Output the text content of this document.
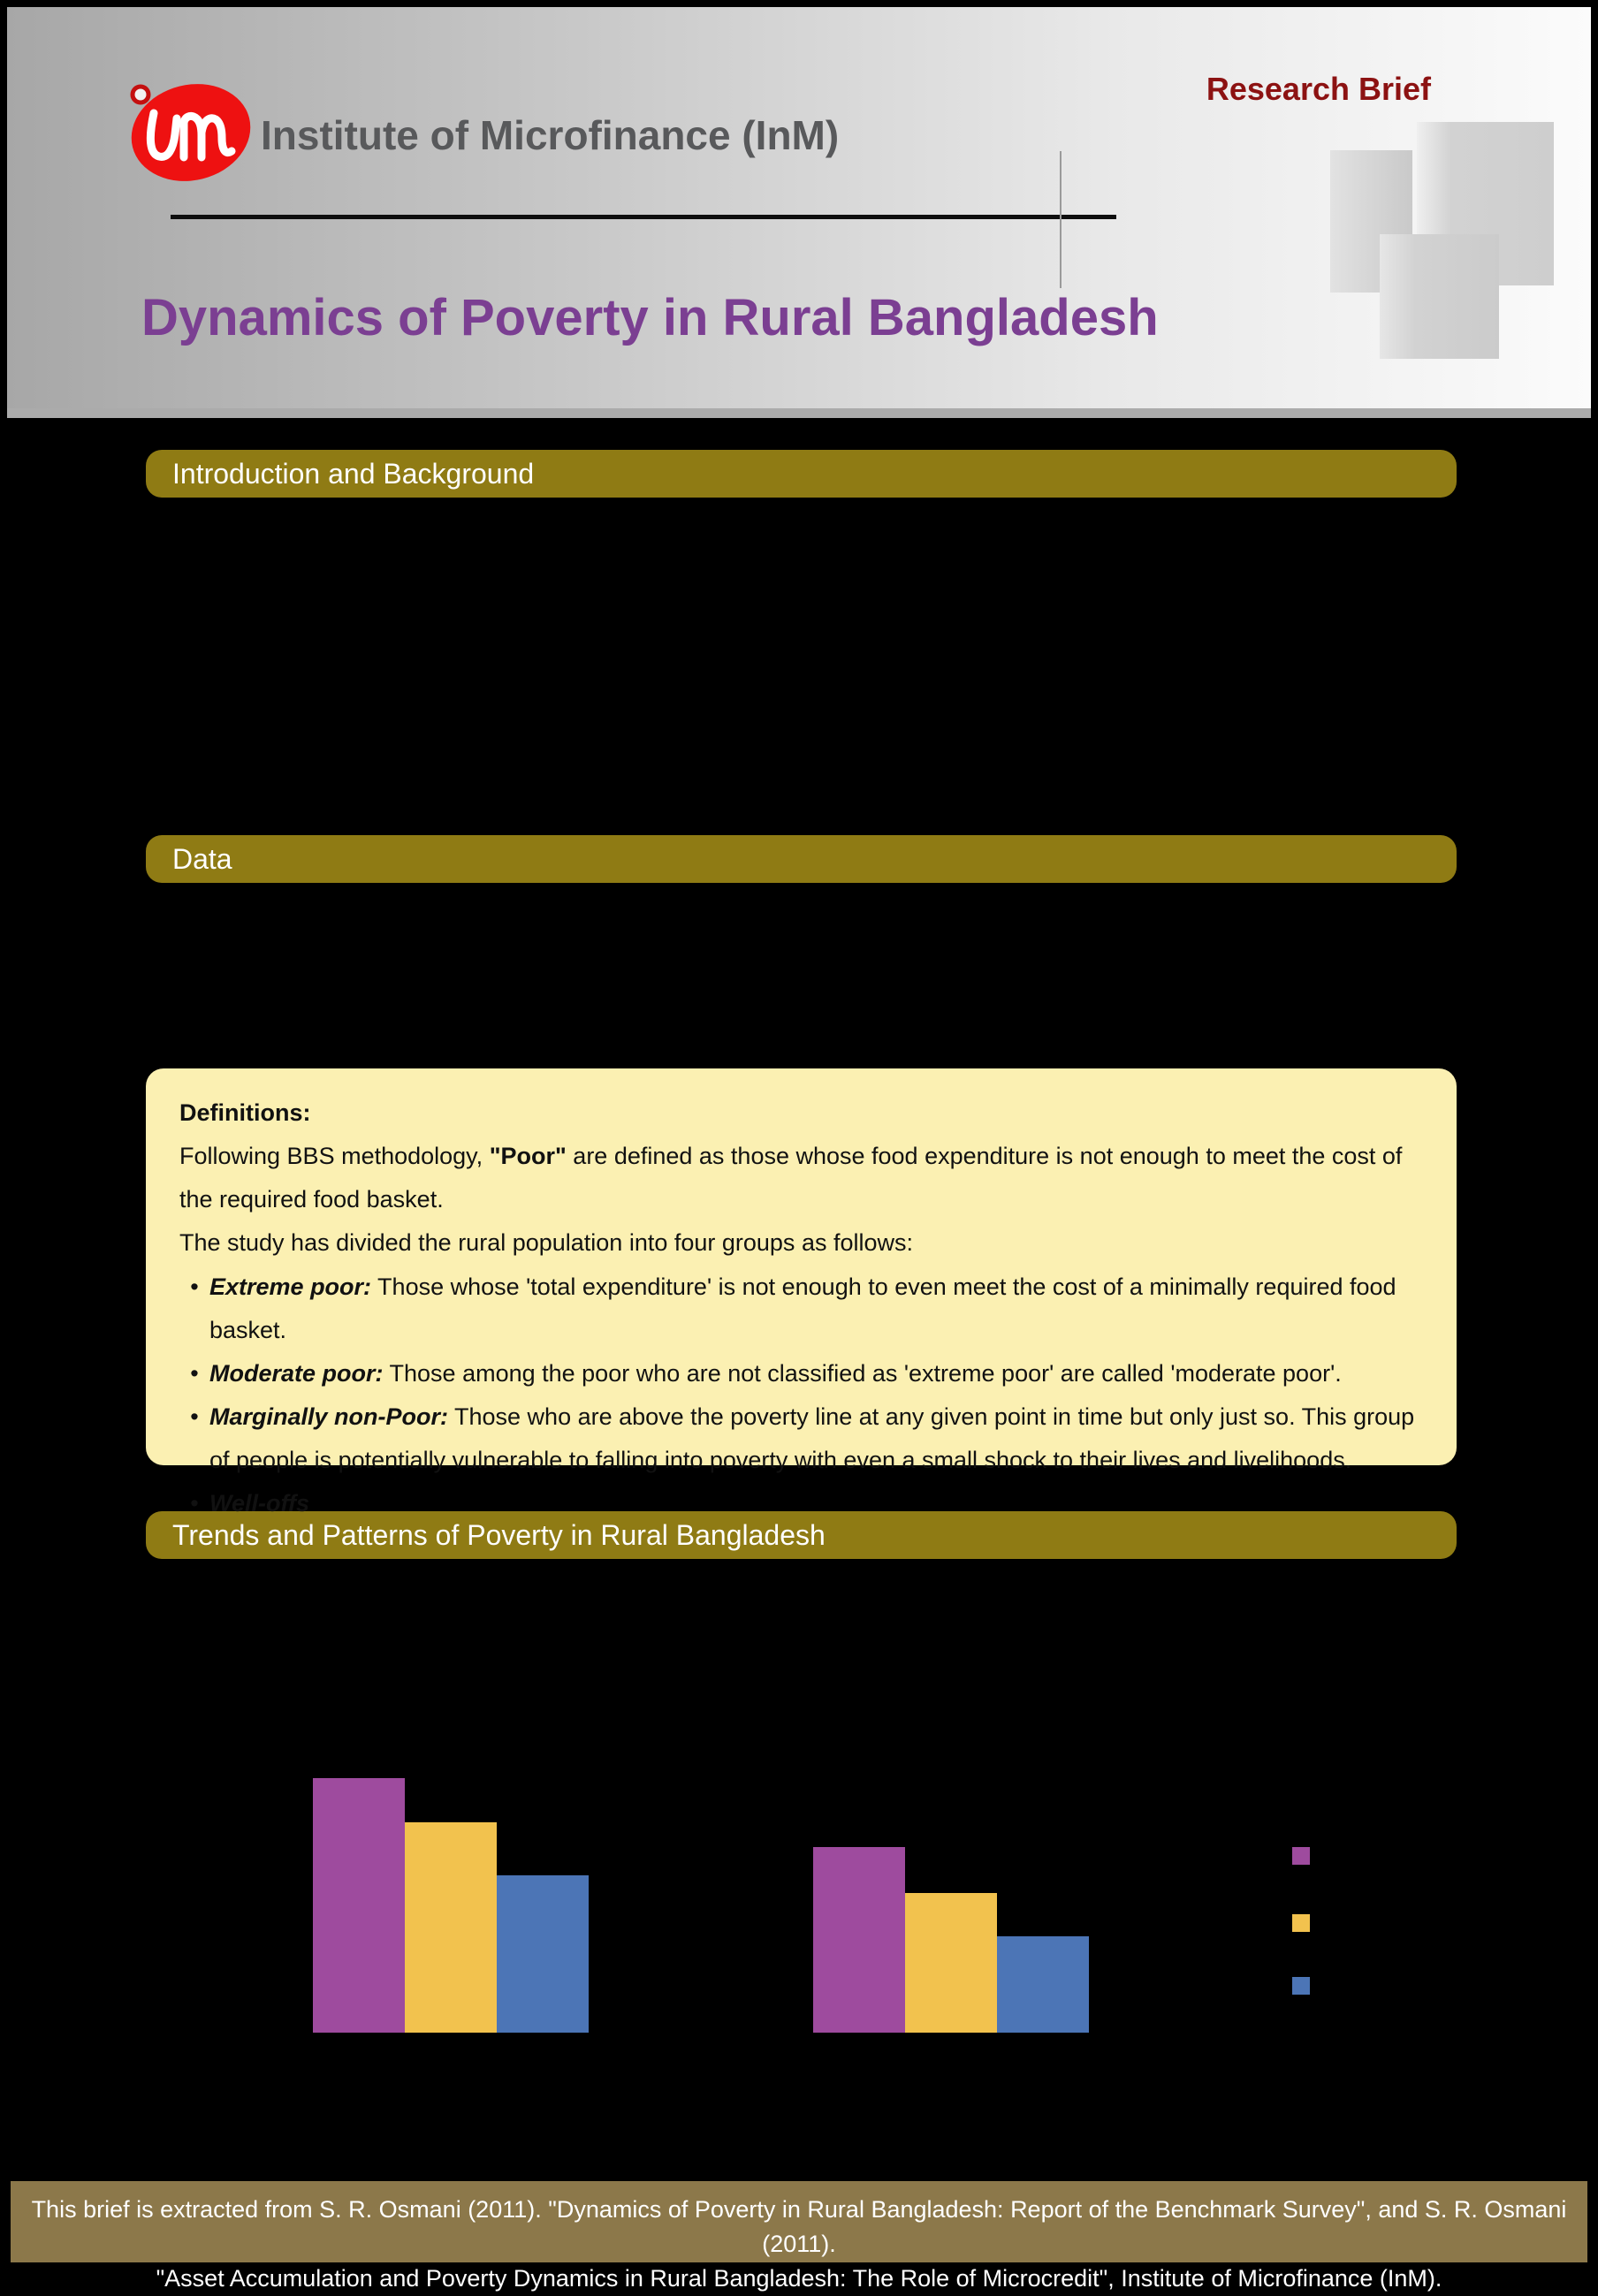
Institute of Microfinance (InM)
Research Brief
Dynamics of Poverty in Rural Bangladesh
Introduction and Background
Data
Trends and Patterns of Poverty in Rural Bangladesh

Definitions:

Following BBS methodology, "Poor" are defined as those whose food expenditure is not enough to meet the cost of the required food basket.

The study has divided the rural population into four groups as follows:

• Extreme poor: Those whose 'total expenditure' is not enough to even meet the cost of a minimally required food basket.
• Moderate poor: Those among the poor who are not classified as 'extreme poor' are called 'moderate poor'.
• Marginally non-Poor: Those who are above the poverty line at any given point in time but only just so. This group of people is potentially vulnerable to falling into poverty with even a small shock to their lives and livelihoods.
• Well-offs
This brief is extracted from S. R. Osmani (2011). "Dynamics of Poverty in Rural Bangladesh: Report of the Benchmark Survey", and S. R. Osmani (2011).
"Asset Accumulation and Poverty Dynamics in Rural Bangladesh: The Role of Microcredit", Institute of Microfinance (InM).
